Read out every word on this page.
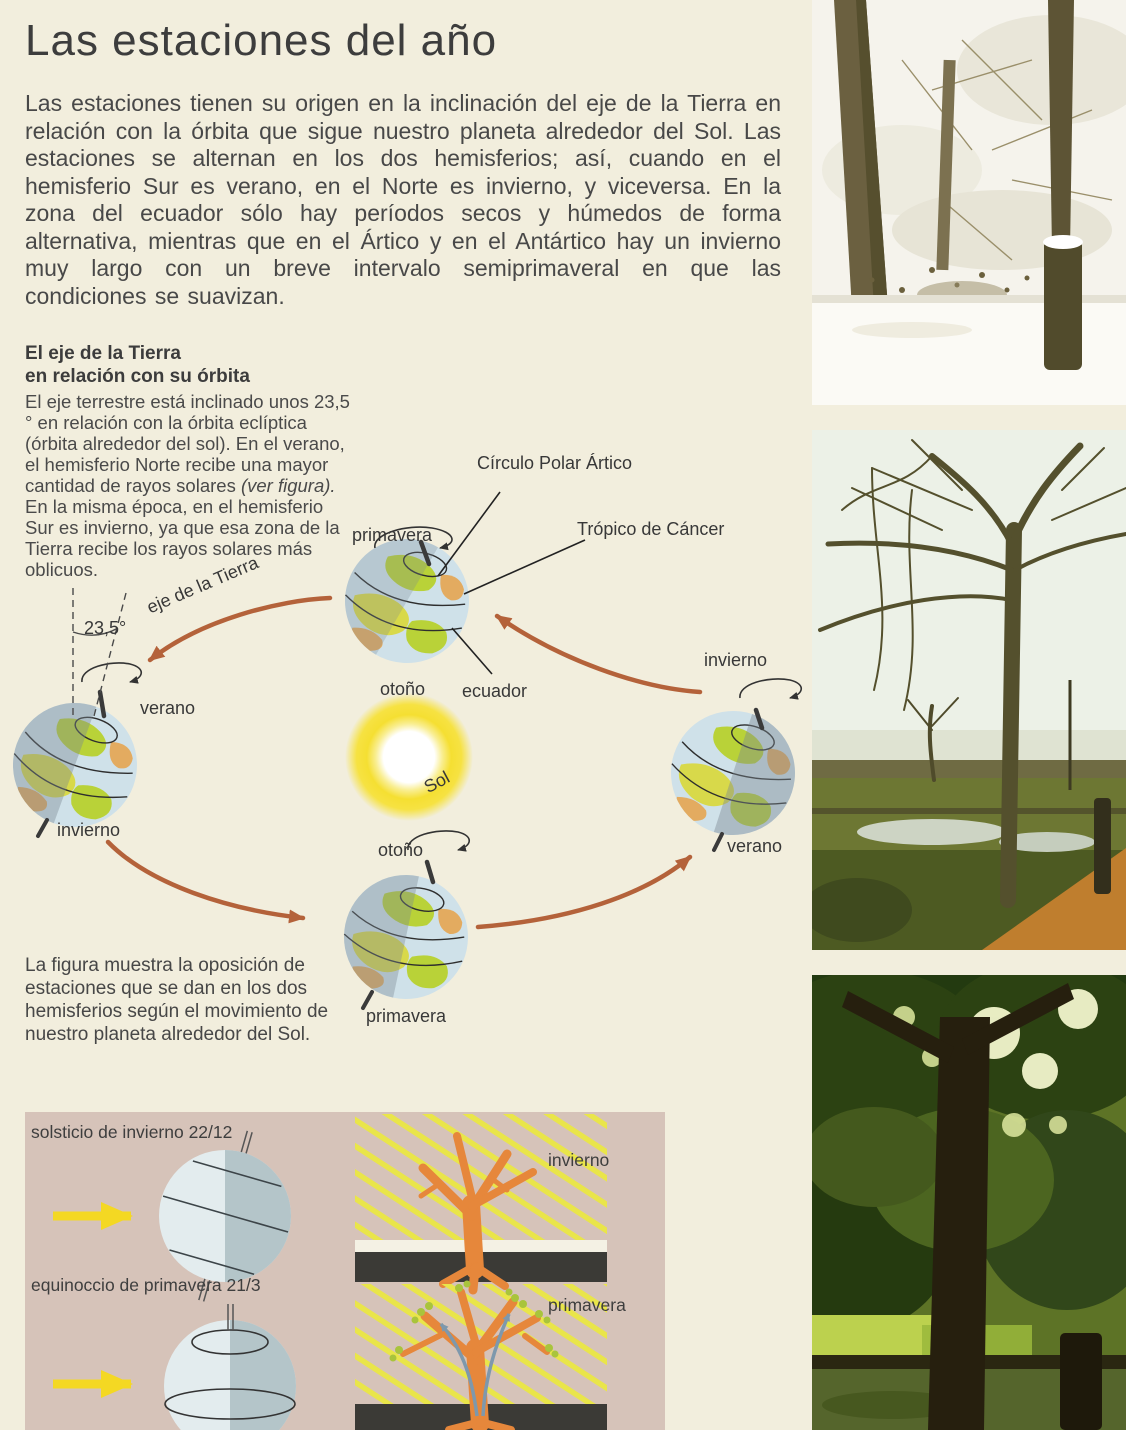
Las estaciones del año

Las estaciones tienen su origen en la inclinación del eje de la Tierra en relación con la órbita que sigue nuestro planeta alrededor del Sol. Las estaciones se alternan en los dos hemisferios; así, cuando en el hemisferio Sur es verano, en el Norte es invierno, y viceversa. En la zona del ecuador sólo hay períodos secos y húmedos de forma alternativa, mientras que en el Ártico y en el Antártico hay un invierno muy largo con un breve intervalo semiprimaveral en que las condiciones se suavizan.

El eje de la Tierra
en relación con su órbita
El eje terrestre está inclinado unos 23,5 ° en relación con la órbita eclíptica (órbita alrededor del sol). En el verano, el hemisferio Norte recibe una mayor cantidad de rayos solares (ver figura). En la misma época, en el hemisferio Sur es invierno, ya que esa zona de la Tierra recibe los rayos solares más oblicuos.
primavera
Círculo Polar Ártico
Trópico de Cáncer
otoño ecuador
eje de la Tierra
23,5°
verano
invierno
invierno
verano
otoño
primavera
Sol

La figura muestra la oposición de estaciones que se dan en los dos hemisferios según el movimiento de nuestro planeta alrededor del Sol.

solsticio de invierno 22/12
equinoccio de primavera 21/3
invierno
primavera
